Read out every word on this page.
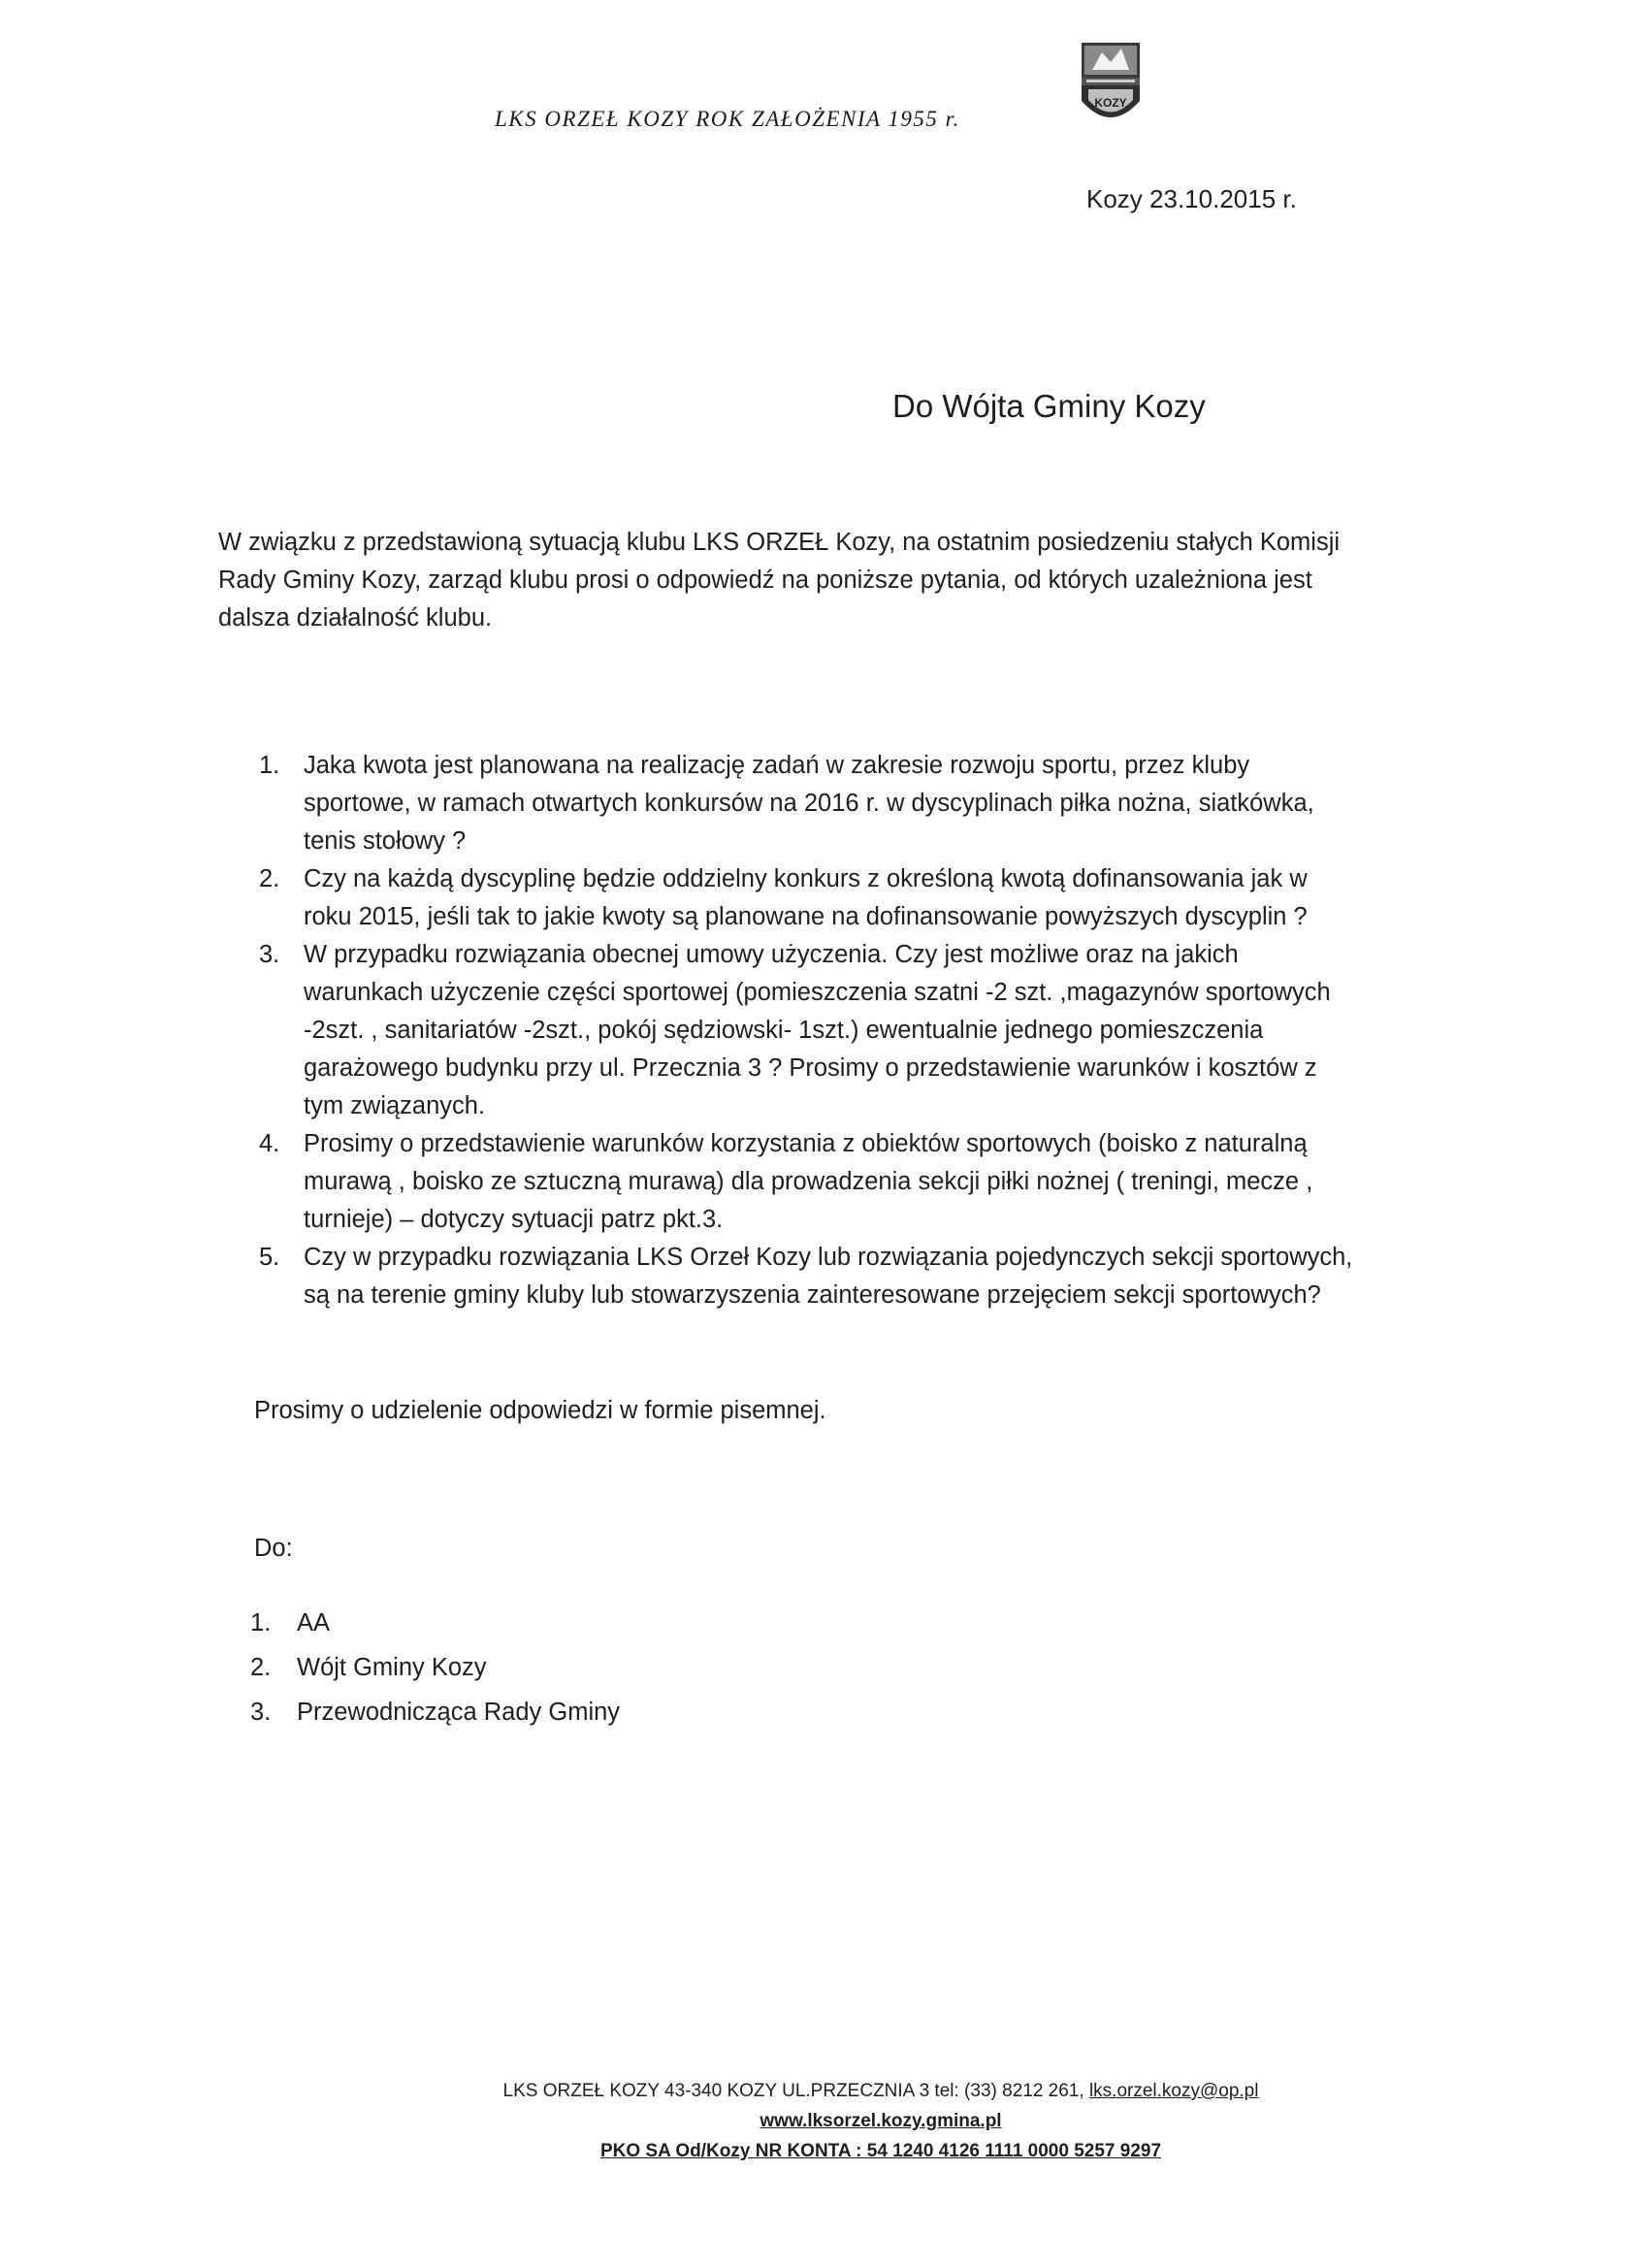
LKS ORZEŁ KOZY ROK ZAŁOŻENIA 1955 r.
KOZY
Kozy 23.10.2015 r.
Do Wójta Gminy Kozy
W związku z przedstawioną sytuacją klubu LKS ORZEŁ Kozy, na ostatnim posiedzeniu stałych Komisji
Rady Gminy Kozy, zarząd klubu prosi o odpowiedź na poniższe pytania, od których uzależniona jest
dalsza działalność klubu.
1. Jaka kwota jest planowana na realizację zadań w zakresie rozwoju sportu, przez kluby
sportowe, w ramach otwartych konkursów na 2016 r. w dyscyplinach piłka nożna, siatkówka,
tenis stołowy ?
2. Czy na każdą dyscyplinę będzie oddzielny konkurs z określoną kwotą dofinansowania jak w
roku 2015, jeśli tak to jakie kwoty są planowane na dofinansowanie powyższych dyscyplin ?
3. W przypadku rozwiązania obecnej umowy użyczenia. Czy jest możliwe oraz na jakich
warunkach użyczenie części sportowej (pomieszczenia szatni -2 szt. ,magazynów sportowych
-2szt. , sanitariatów -2szt., pokój sędziowski- 1szt.) ewentualnie jednego pomieszczenia
garażowego budynku przy ul. Przecznia 3 ? Prosimy o przedstawienie warunków i kosztów z
tym związanych.
4. Prosimy o przedstawienie warunków korzystania z obiektów sportowych (boisko z naturalną
murawą , boisko ze sztuczną murawą) dla prowadzenia sekcji piłki nożnej ( treningi, mecze ,
turnieje) – dotyczy sytuacji patrz pkt.3.
5. Czy w przypadku rozwiązania LKS Orzeł Kozy lub rozwiązania pojedynczych sekcji sportowych,
są na terenie gminy kluby lub stowarzyszenia zainteresowane przejęciem sekcji sportowych?
Prosimy o udzielenie odpowiedzi w formie pisemnej.
Do:
1. AA
2. Wójt Gminy Kozy
3. Przewodnicząca Rady Gminy
LKS ORZEŁ KOZY 43-340 KOZY UL.PRZECZNIA 3 tel: (33) 8212 261, lks.orzel.kozy@op.pl
www.lksorzel.kozy.gmina.pl
PKO SA Od/Kozy NR KONTA : 54 1240 4126 1111 0000 5257 9297
